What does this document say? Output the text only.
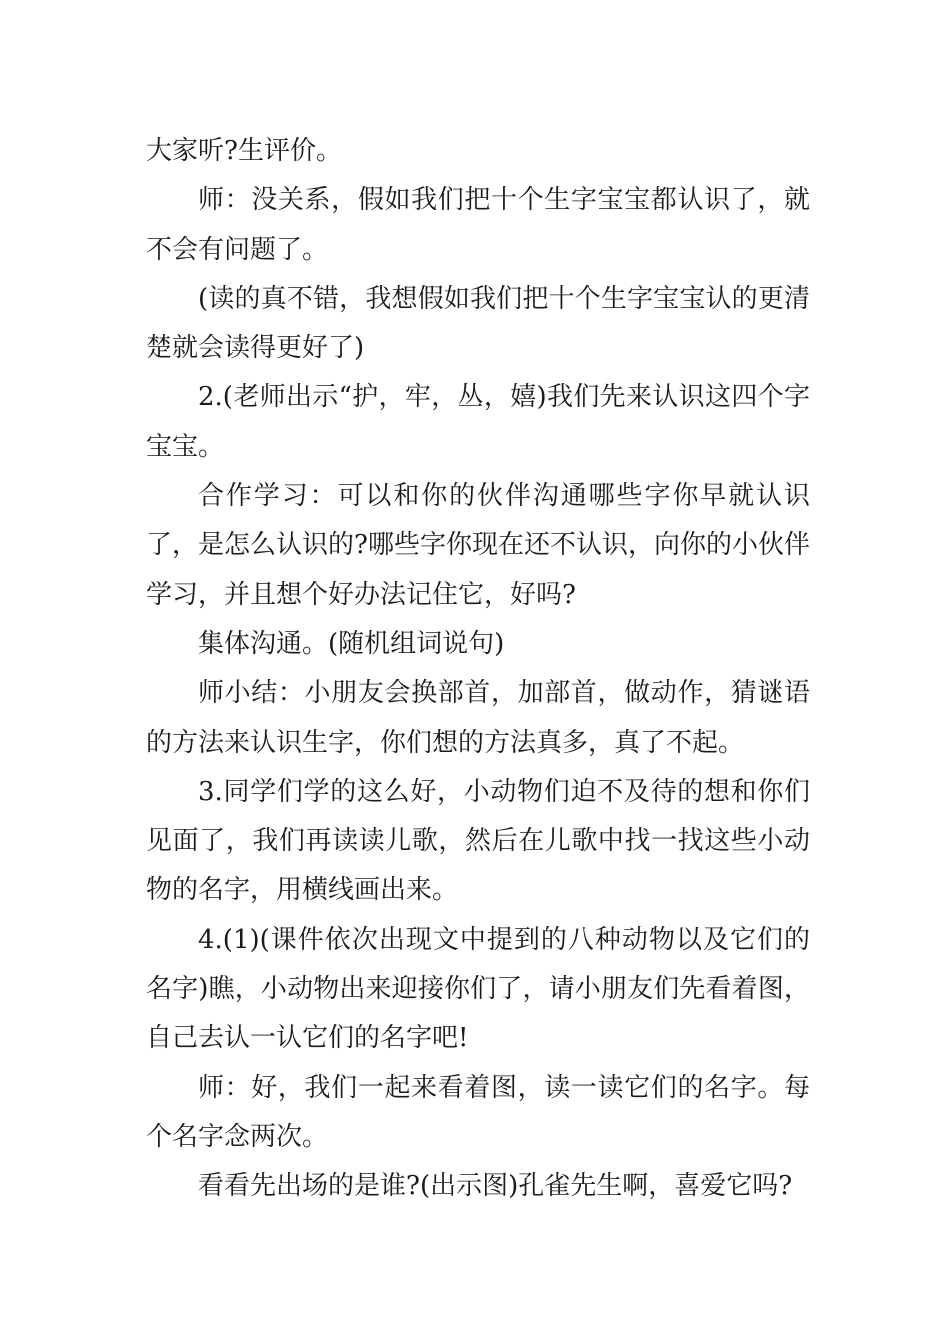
大家听?生评价。

师：没关系，假如我们把十个生字宝宝都认识了，就不会有问题了。

(读的真不错，我想假如我们把十个生字宝宝认的更清楚就会读得更好了)

2.(老师出示“护，牢，丛，嬉)我们先来认识这四个字宝宝。

合作学习：可以和你的伙伴沟通哪些字你早就认识了，是怎么认识的?哪些字你现在还不认识，向你的小伙伴学习，并且想个好办法记住它，好吗?

集体沟通。(随机组词说句)

师小结：小朋友会换部首，加部首，做动作，猜谜语的方法来认识生字，你们想的方法真多，真了不起。

3.同学们学的这么好，小动物们迫不及待的想和你们见面了，我们再读读儿歌，然后在儿歌中找一找这些小动物的名字，用横线画出来。

4.(1)(课件依次出现文中提到的八种动物以及它们的名字)瞧，小动物出来迎接你们了，请小朋友们先看着图，自己去认一认它们的名字吧!

师：好，我们一起来看着图，读一读它们的名字。每个名字念两次。

看看先出场的是谁?(出示图)孔雀先生啊，喜爱它吗?
